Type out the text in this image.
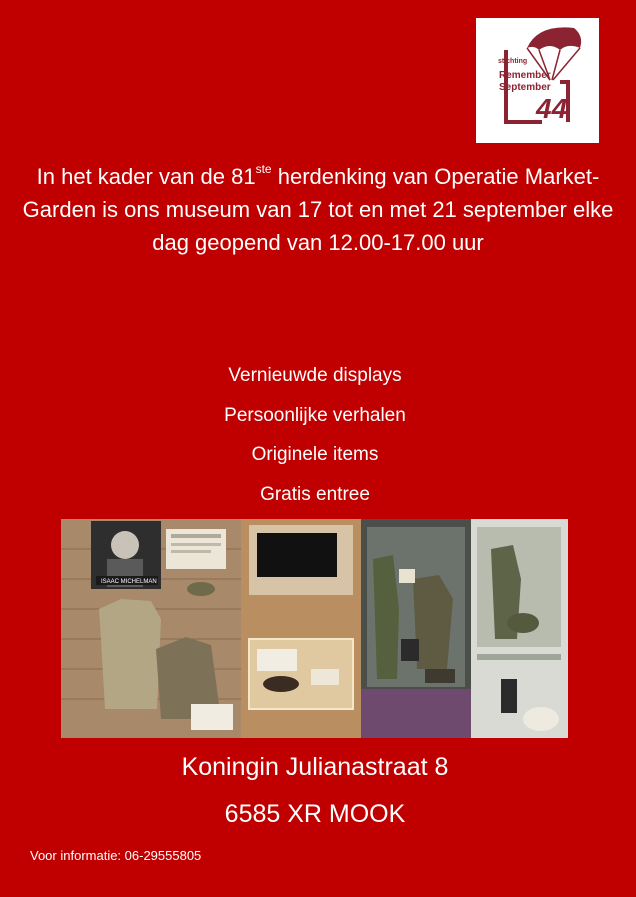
stichting
Remember
September
44

In het kader van de 81ste herdenking van Operatie Market-Garden is ons museum van 17 tot en met 21 september elke dag geopend van 12.00-17.00 uur

Vernieuwde displays
Persoonlijke verhalen
Originele items
Gratis entree
ISAAC MICHELMAN

Koningin Julianastraat 8

6585 XR MOOK

Voor informatie: 06-29555805
